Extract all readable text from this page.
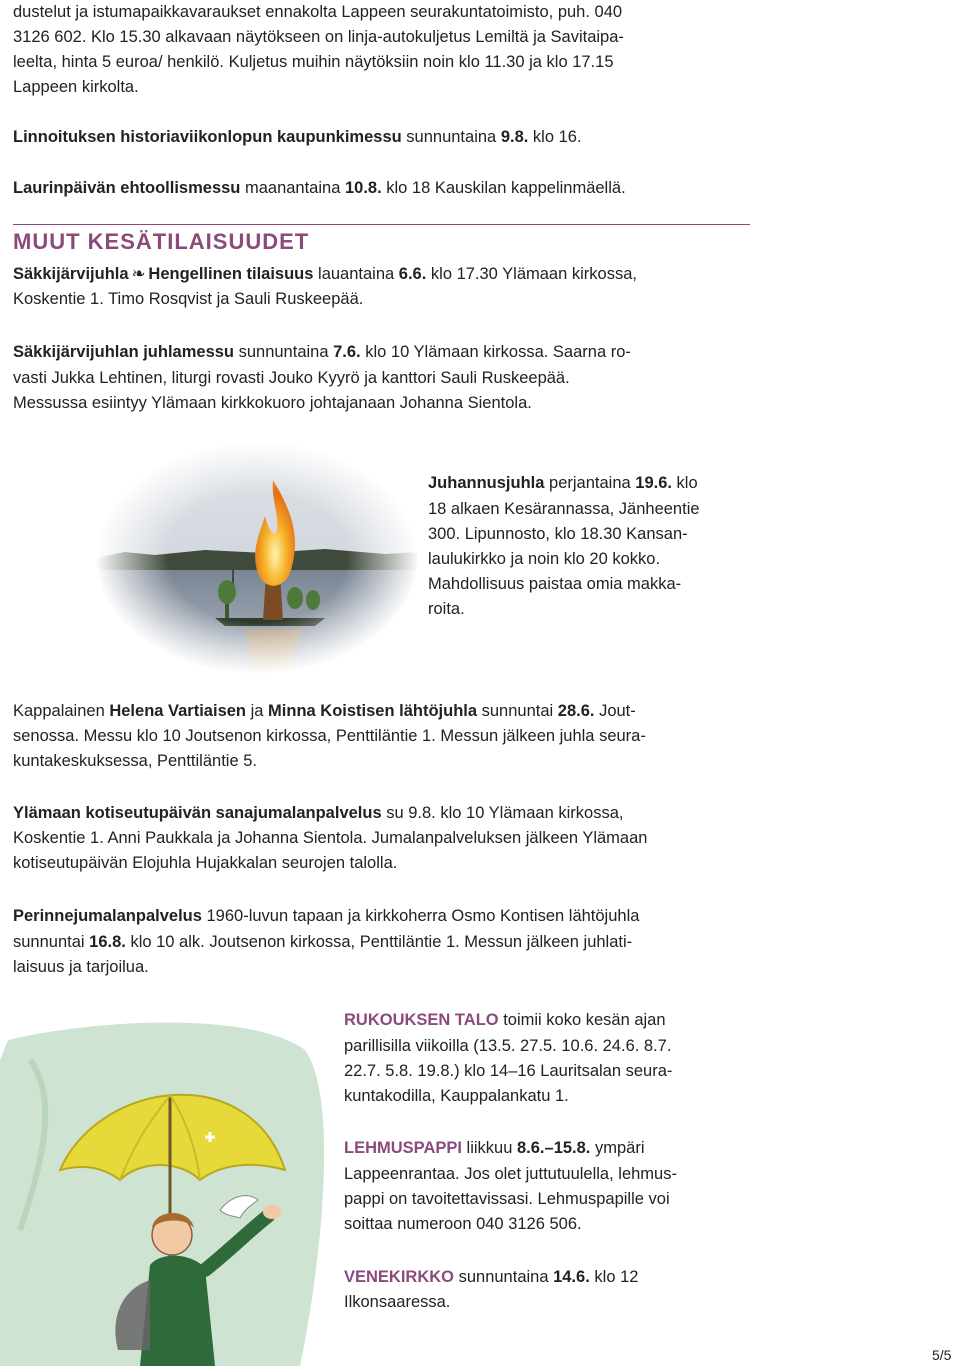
dustelut ja istumapaikkavaraukset ennakolta Lappeen seurakuntatoimisto, puh. 040

3126 602. Klo 15.30 alkavaan näytökseen on linja-autokuljetus Lemiltä ja Savitaipa-

leelta, hinta 5 euroa/ henkilö. Kuljetus muihin näytöksiin noin klo 11.30 ja klo 17.15

Lappeen kirkolta.

Linnoituksen historiaviikonlopun kaupunkimessu sunnuntaina 9.8. klo 16.

Laurinpäivän ehtoollismessu maanantaina 10.8. klo 18 Kauskilan kappelinmäellä.

MUUT KESÄTILAISUUDET

Säkkijärvijuhla ❧ Hengellinen tilaisuus lauantaina 6.6. klo 17.30 Ylämaan kirkossa,

Koskentie 1. Timo Rosqvist ja Sauli Ruskeepää.

Säkkijärvijuhlan juhlamessu sunnuntaina 7.6. klo 10 Ylämaan kirkossa. Saarna ro-

vasti Jukka Lehtinen, liturgi rovasti Jouko Kyyrö ja kanttori Sauli Ruskeepää.

Messussa esiintyy Ylämaan kirkkokuoro johtajanaan Johanna Sientola.

Juhannusjuhla perjantaina 19.6. klo

18 alkaen Kesärannassa, Jänheentie

300. Lipunnosto, klo 18.30 Kansan-

laulukirkko ja noin klo 20 kokko.

Mahdollisuus paistaa omia makka-

roita.

Kappalainen Helena Vartiaisen ja Minna Koistisen lähtöjuhla sunnuntai 28.6. Jout-

senossa. Messu klo 10 Joutsenon kirkossa, Penttiläntie 1. Messun jälkeen juhla seura-

kuntakeskuksessa, Penttiläntie 5.

Ylämaan kotiseutupäivän sanajumalanpalvelus su 9.8. klo 10 Ylämaan kirkossa,

Koskentie 1. Anni Paukkala ja Johanna Sientola. Jumalanpalveluksen jälkeen Ylämaan

kotiseutupäivän Elojuhla Hujakkalan seurojen talolla.

Perinnejumalanpalvelus 1960-luvun tapaan ja kirkkoherra Osmo Kontisen lähtöjuhla

sunnuntai 16.8. klo 10 alk. Joutsenon kirkossa, Penttiläntie 1. Messun jälkeen juhlati-

laisuus ja tarjoilua.

RUKOUKSEN TALO toimii koko kesän ajan

parillisilla viikoilla (13.5. 27.5. 10.6. 24.6. 8.7.

22.7. 5.8. 19.8.) klo 14–16 Lauritsalan seura-

kuntakodilla, Kauppalankatu 1.

LEHMUSPAPPI liikkuu 8.6.–15.8. ympäri

Lappeenrantaa. Jos olet juttutuulella, lehmus-

pappi on tavoitettavissasi. Lehmuspapille voi

soittaa numeroon 040 3126 506.

VENEKIRKKO sunnuntaina 14.6. klo 12

Ilkonsaaressa.

5/5
